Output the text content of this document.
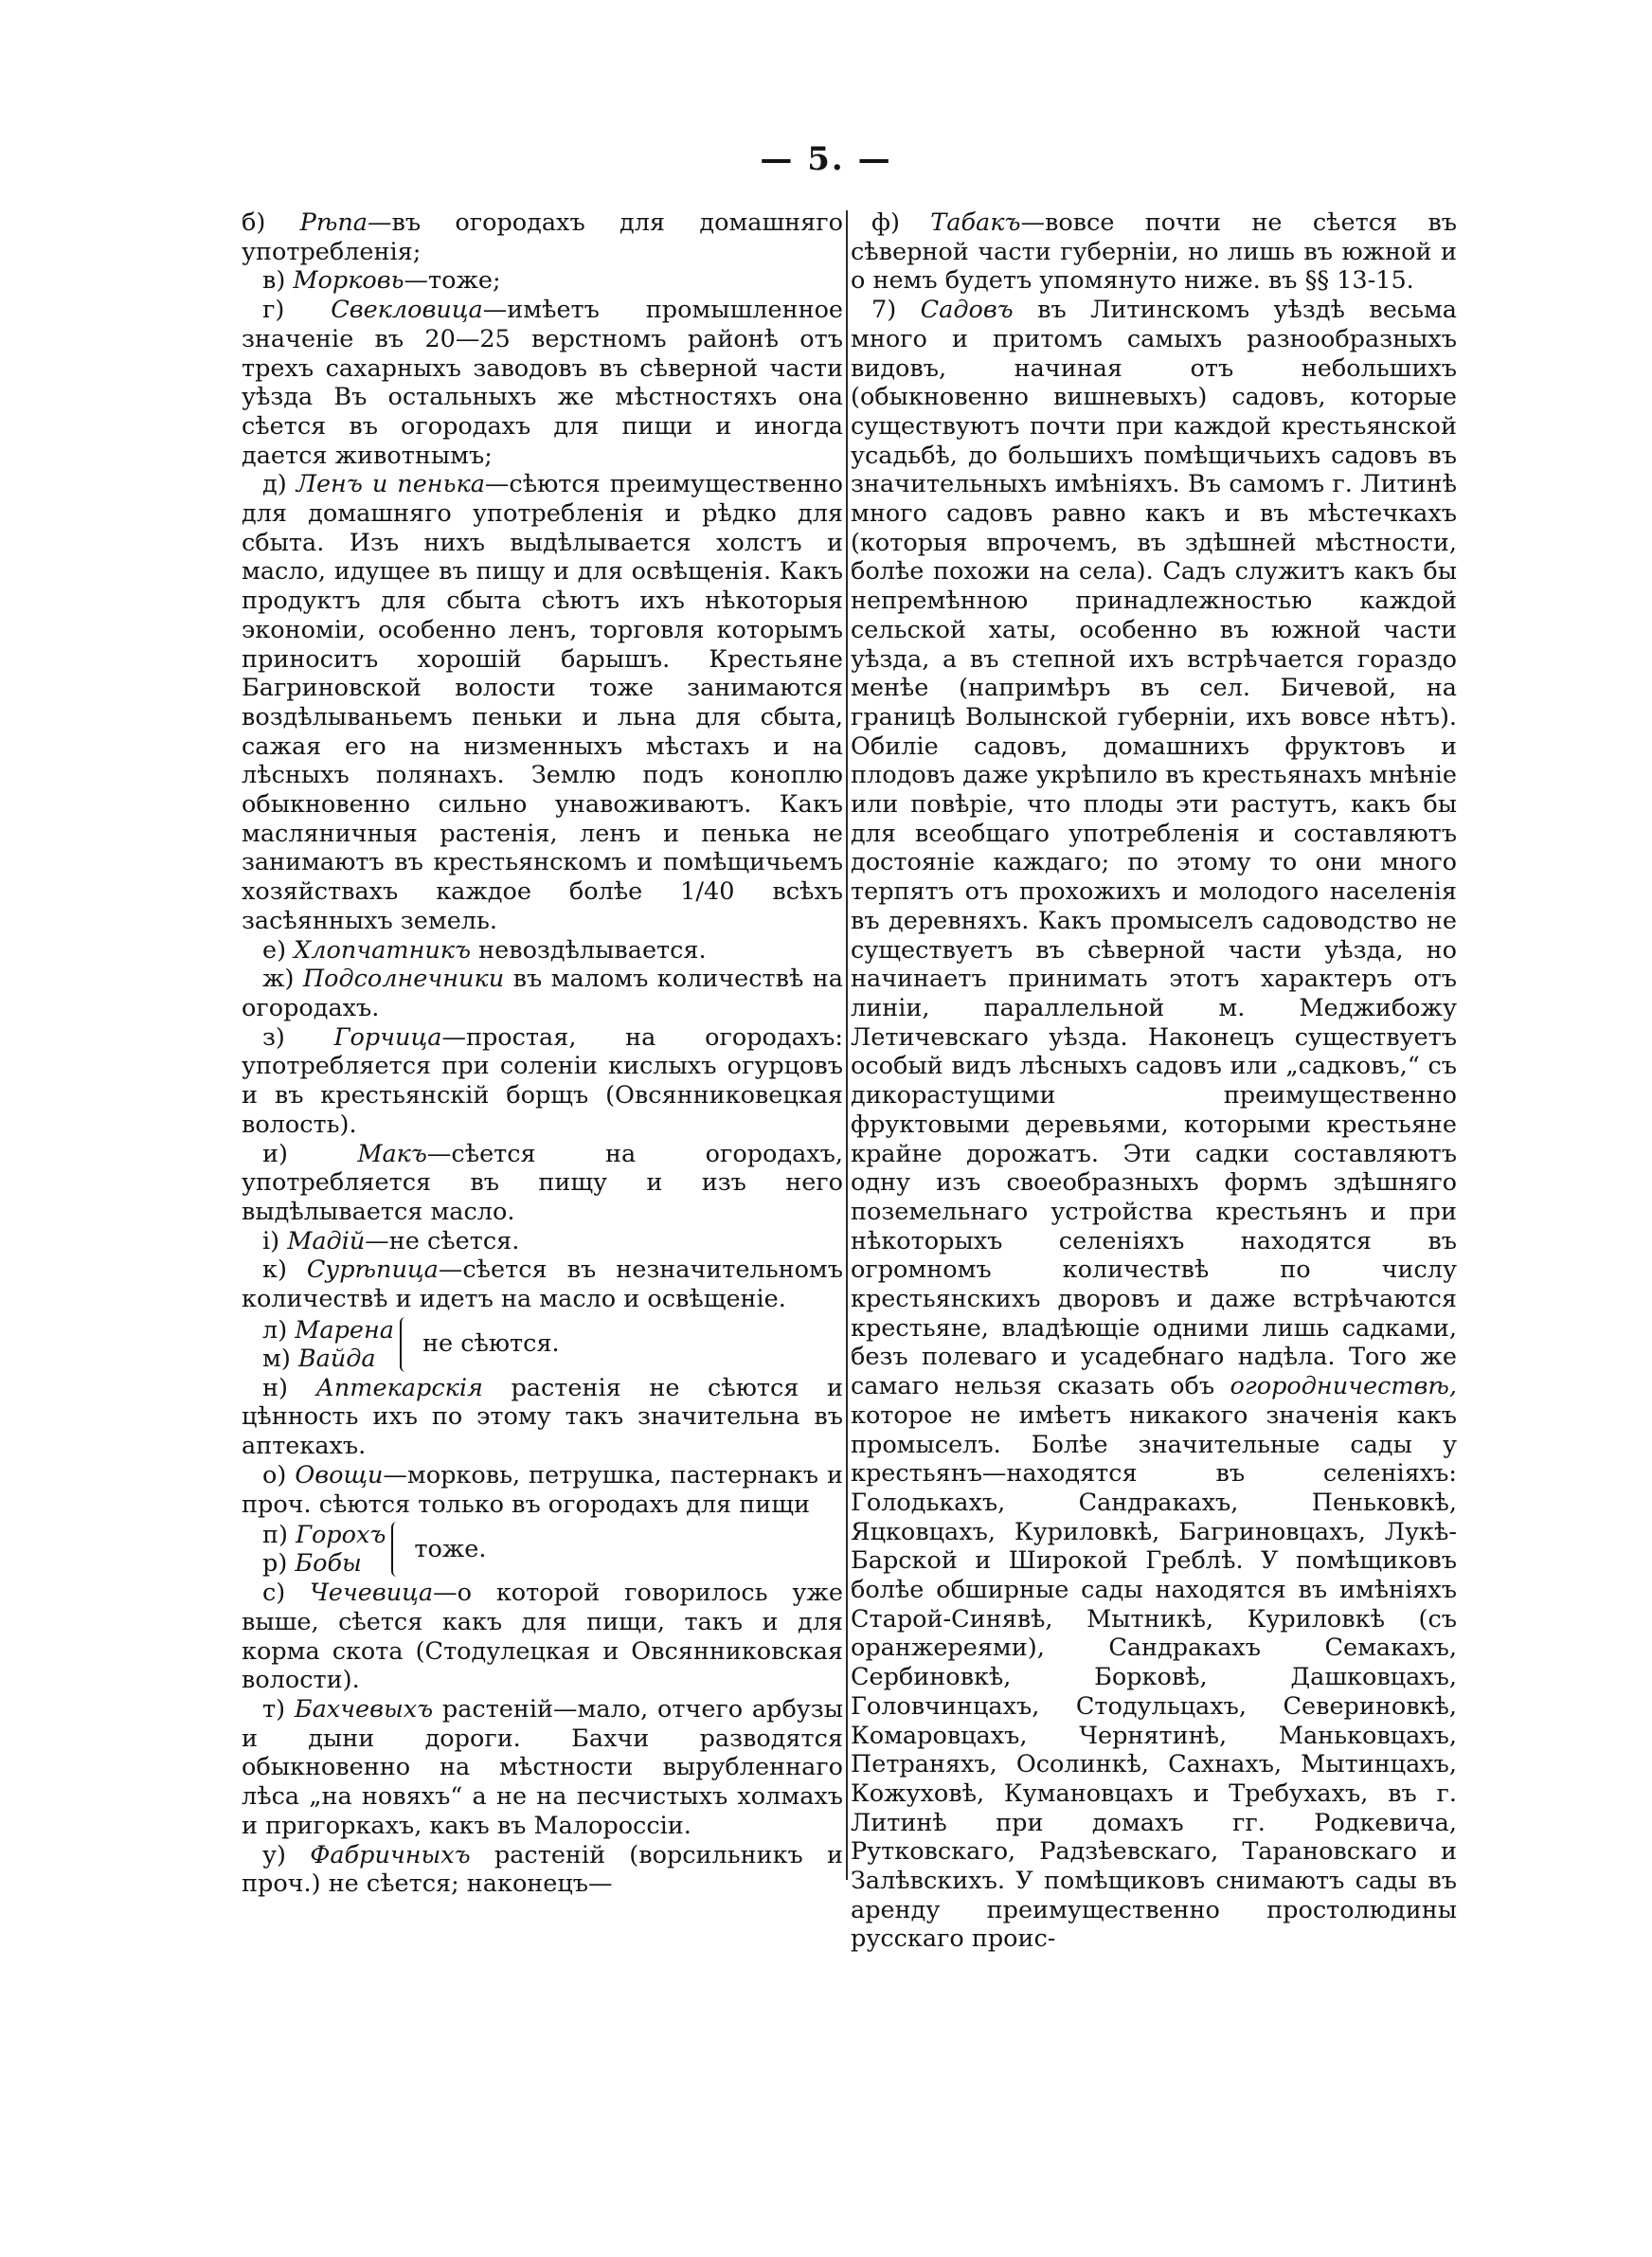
— 5. —

б) Рѣпа—въ огородахъ для домашняго употребленія;

в) Морковь—тоже;

г) Свекловица—имѣетъ промышленное значеніе въ 20—25 верстномъ районѣ отъ трехъ сахарныхъ заводовъ въ сѣверной части уѣзда Въ остальныхъ же мѣстностяхъ она сѣется въ огородахъ для пищи и иногда дается животнымъ;

д) Ленъ и пенька—сѣются преимущественно для домашняго употребленія и рѣдко для сбыта. Изъ нихъ выдѣлывается холстъ и масло, идущее въ пищу и для освѣщенія. Какъ продуктъ для сбыта сѣютъ ихъ нѣкоторыя экономіи, особенно ленъ, торговля которымъ приноситъ хорошій барышъ. Крестьяне Багриновской волости тоже занимаются воздѣлываньемъ пеньки и льна для сбыта, сажая его на низменныхъ мѣстахъ и на лѣсныхъ полянахъ. Землю подъ коноплю обыкновенно сильно унавоживаютъ. Какъ масляничныя растенія, ленъ и пенька не занимаютъ въ крестьянскомъ и помѣщичьемъ хозяйствахъ каждое болѣе 1/40 всѣхъ засѣянныхъ земель.

е) Хлопчатникъ невоздѣлывается.

ж) Подсолнечники въ маломъ количествѣ на огородахъ.

з) Горчица—простая, на огородахъ: употребляется при соленіи кислыхъ огурцовъ и въ крестьянскій борщъ (Овсянниковецкая волость).

и) Макъ—сѣется на огородахъ, употребляется въ пищу и изъ него выдѣлывается масло.

і) Мадій—не сѣется.

к) Сурѣпица—сѣется въ незначительномъ количествѣ и идетъ на масло и освѣщеніе.

л) Марена
м) Вайда
не сѣются.

н) Аптекарскія растенія не сѣются и цѣнность ихъ по этому такъ значительна въ аптекахъ.

о) Овощи—морковь, петрушка, пастернакъ и проч. сѣются только въ огородахъ для пищи

п) Горохъ
р) Бобы
тоже.

с) Чечевица—о которой говорилось уже выше, сѣется какъ для пищи, такъ и для корма скота (Стодулецкая и Овсянниковская волости).

т) Бахчевыхъ растеній—мало, отчего арбузы и дыни дороги. Бахчи разводятся обыкновенно на мѣстности вырубленнаго лѣса „на новяхъ“ а не на песчистыхъ холмахъ и пригоркахъ, какъ въ Малороссіи.

у) Фабричныхъ растеній (ворсильникъ и проч.) не сѣется; наконецъ—

ф) Табакъ—вовсе почти не сѣется въ сѣверной части губерніи, но лишь въ южной и о немъ будетъ упомянуто ниже. въ §§ 13-15.

7) Садовъ въ Литинскомъ уѣздѣ весьма много и притомъ самыхъ разнообразныхъ видовъ, начиная отъ небольшихъ (обыкновенно вишневыхъ) садовъ, которые существуютъ почти при каждой крестьянской усадьбѣ, до большихъ помѣщичьихъ садовъ въ значительныхъ имѣніяхъ. Въ самомъ г. Литинѣ много садовъ равно какъ и въ мѣстечкахъ (которыя впрочемъ, въ здѣшней мѣстности, болѣе похожи на села). Садъ служитъ какъ бы непремѣнною принадлежностью каждой сельской хаты, особенно въ южной части уѣзда, а въ степной ихъ встрѣчается гораздо менѣе (напримѣръ въ сел. Бичевой, на границѣ Волынской губерніи, ихъ вовсе нѣтъ). Обиліе садовъ, домашнихъ фруктовъ и плодовъ даже укрѣпило въ крестьянахъ мнѣніе или повѣріе, что плоды эти растутъ, какъ бы для всеобщаго употребленія и составляютъ достояніе каждаго; по этому то они много терпятъ отъ прохожихъ и молодого населенія въ деревняхъ. Какъ промыселъ садоводство не существуетъ въ сѣверной части уѣзда, но начинаетъ принимать этотъ характеръ отъ линіи, параллельной м. Меджибожу Летичевскаго уѣзда. Наконецъ существуетъ особый видъ лѣсныхъ садовъ или „садковъ,“ съ дикорастущими преимущественно фруктовыми деревьями, которыми крестьяне крайне дорожатъ. Эти садки составляютъ одну изъ своеобразныхъ формъ здѣшняго поземельнаго устройства крестьянъ и при нѣкоторыхъ селеніяхъ находятся въ огромномъ количествѣ по числу крестьянскихъ дворовъ и даже встрѣчаются крестьяне, владѣющіе одними лишь садками, безъ полеваго и усадебнаго надѣла. Того же самаго нельзя сказать объ огородничествѣ, которое не имѣетъ никакого значенія какъ промыселъ. Болѣе значительные сады у крестьянъ—находятся въ селеніяхъ: Голодькахъ, Сандракахъ, Пеньковкѣ, Яцковцахъ, Куриловкѣ, Багриновцахъ, Лукѣ-Барской и Широкой Греблѣ. У помѣщиковъ болѣе обширные сады находятся въ имѣніяхъ Старой-Синявѣ, Мытникѣ, Куриловкѣ (съ оранжереями), Сандракахъ Семакахъ, Сербиновкѣ, Борковѣ, Дашковцахъ, Головчинцахъ, Стодульцахъ, Севериновкѣ, Комаровцахъ, Чернятинѣ, Маньковцахъ, Петраняхъ, Осолинкѣ, Сахнахъ, Мытинцахъ, Кожуховѣ, Кумановцахъ и Требухахъ, въ г. Литинѣ при домахъ гг. Родкевича, Рутковскаго, Радзѣевскаго, Тарановскаго и Залѣвскихъ. У помѣщиковъ снимаютъ сады въ аренду преимущественно простолюдины русскаго проис-
